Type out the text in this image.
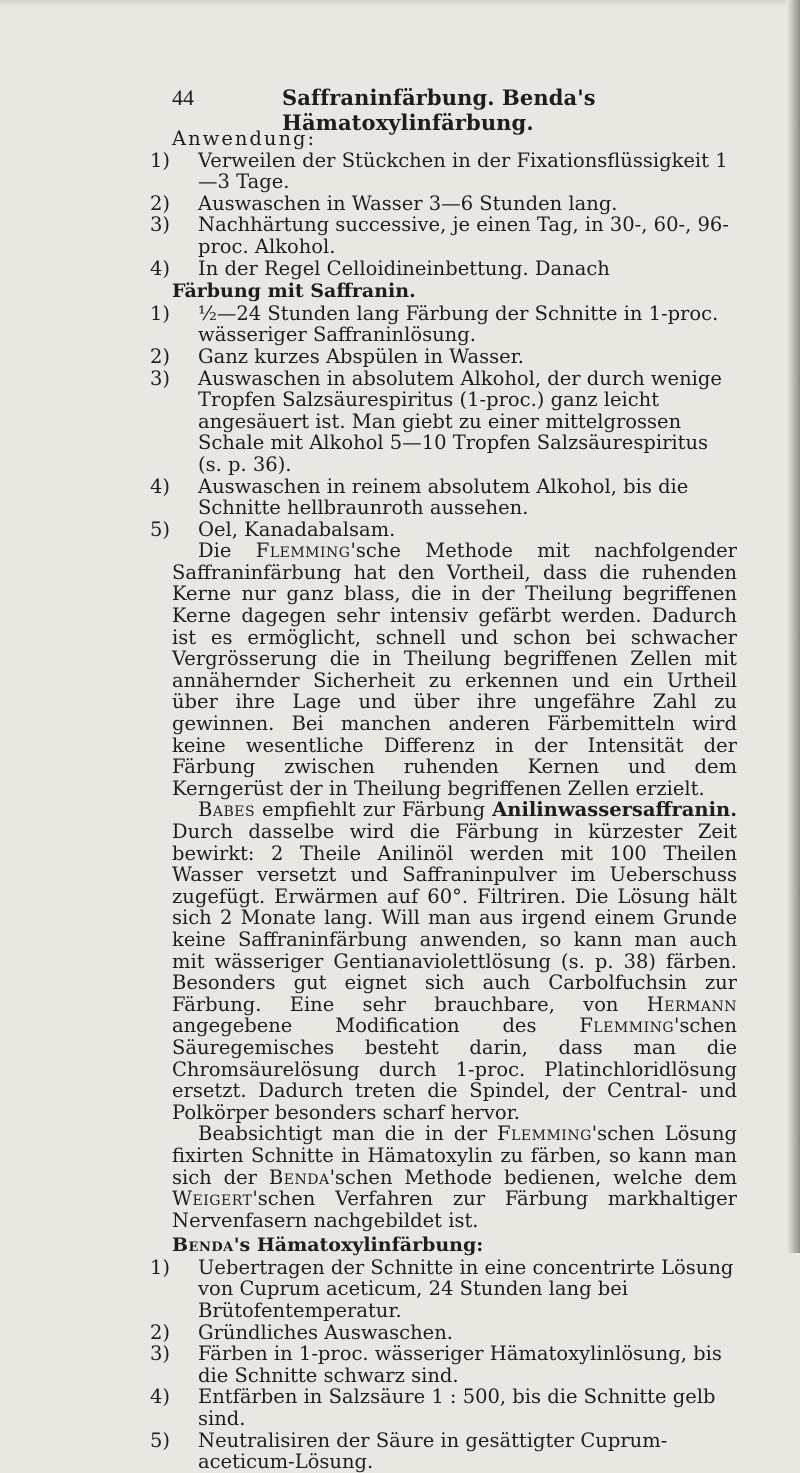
44	Saffraninfärbung. Benda's Hämatoxylinfärbung.
Anwendung:
1) Verweilen der Stückchen in der Fixationsflüssigkeit 1—3 Tage.
2) Auswaschen in Wasser 3—6 Stunden lang.
3) Nachhärtung successive, je einen Tag, in 30-, 60-, 96-proc. Alkohol.
4) In der Regel Celloidineinbettung. Danach
Färbung mit Saffranin.
1) ½—24 Stunden lang Färbung der Schnitte in 1-proc. wässeriger Saffraninlösung.
2) Ganz kurzes Abspülen in Wasser.
3) Auswaschen in absolutem Alkohol, der durch wenige Tropfen Salzsäurespiritus (1-proc.) ganz leicht angesäuert ist. Man giebt zu einer mittelgrossen Schale mit Alkohol 5—10 Tropfen Salzsäurespiritus (s. p. 36).
4) Auswaschen in reinem absolutem Alkohol, bis die Schnitte hellbraunroth aussehen.
5) Oel, Kanadabalsam.

Die Flemming'sche Methode mit nachfolgender Saffraninfärbung hat den Vortheil, dass die ruhenden Kerne nur ganz blass, die in der Theilung begriffenen Kerne dagegen sehr intensiv gefärbt werden. Dadurch ist es ermöglicht, schnell und schon bei schwacher Vergrösserung die in Theilung begriffenen Zellen mit annähernder Sicherheit zu erkennen und ein Urtheil über ihre Lage und über ihre ungefähre Zahl zu gewinnen. Bei manchen anderen Färbemitteln wird keine wesentliche Differenz in der Intensität der Färbung zwischen ruhenden Kernen und dem Kerngerüst der in Theilung begriffenen Zellen erzielt.

Babes empfiehlt zur Färbung Anilinwassersaffranin. Durch dasselbe wird die Färbung in kürzester Zeit bewirkt: 2 Theile Anilinöl werden mit 100 Theilen Wasser versetzt und Saffraninpulver im Ueberschuss zugefügt. Erwärmen auf 60°. Filtriren. Die Lösung hält sich 2 Monate lang. Will man aus irgend einem Grunde keine Saffraninfärbung anwenden, so kann man auch mit wässeriger Gentianaviolettlösung (s. p. 38) färben. Besonders gut eignet sich auch Carbolfuchsin zur Färbung. Eine sehr brauchbare, von Hermann angegebene Modification des Flemming'schen Säuregemisches besteht darin, dass man die Chromsäurelösung durch 1-proc. Platinchloridlösung ersetzt. Dadurch treten die Spindel, der Central- und Polkörper besonders scharf hervor.

Beabsichtigt man die in der Flemming'schen Lösung fixirten Schnitte in Hämatoxylin zu färben, so kann man sich der Benda'schen Methode bedienen, welche dem Weigert'schen Verfahren zur Färbung markhaltiger Nervenfasern nachgebildet ist.

Benda's Hämatoxylinfärbung:
1) Uebertragen der Schnitte in eine concentrirte Lösung von Cuprum aceticum, 24 Stunden lang bei Brütofentemperatur.
2) Gründliches Auswaschen.
3) Färben in 1-proc. wässeriger Hämatoxylinlösung, bis die Schnitte schwarz sind.
4) Entfärben in Salzsäure 1 : 500, bis die Schnitte gelb sind.
5) Neutralisiren der Säure in gesättigter Cuprum-aceticum-Lösung.
